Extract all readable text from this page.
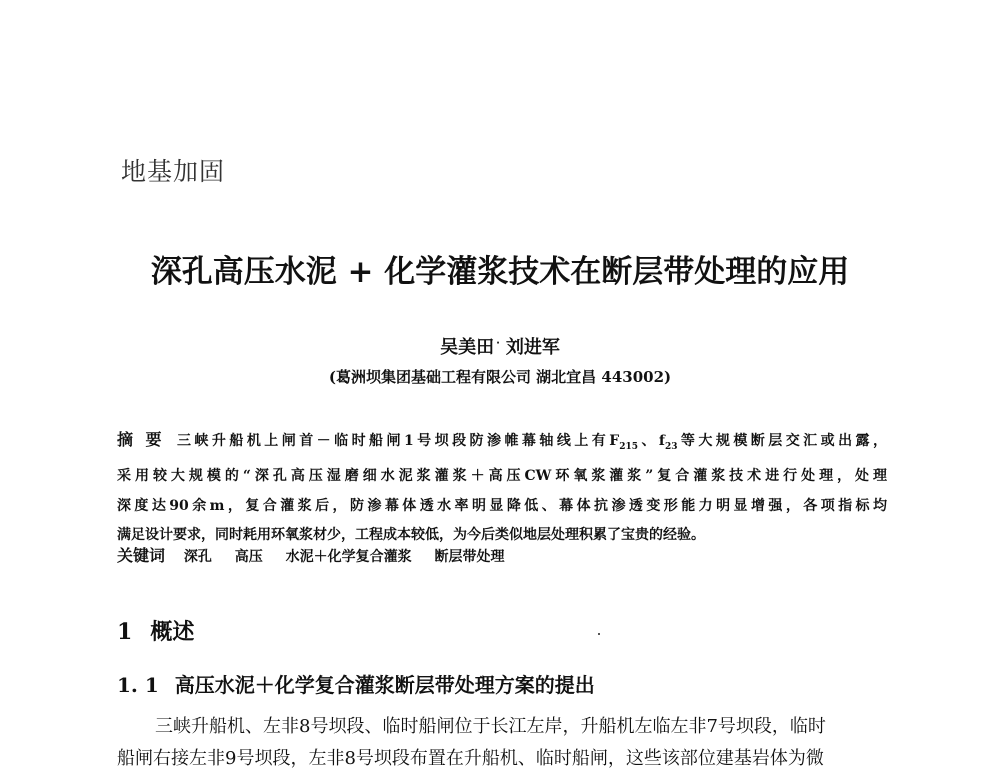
地基加固
深孔高压水泥 + 化学灌浆技术在断层带处理的应用
吴美田 · 刘进军
(葛洲坝集团基础工程有限公司 湖北宜昌 443002)
摘 要 三峡升船机上闸首－临时船闸1号坝段防渗帷幕轴线上有$F_{215}$、$f_{23}$等大规模断层交汇或出露，
采用较大规模的“深孔高压湿磨细水泥浆灌浆＋高压CW环氧浆灌浆”复合灌浆技术进行处理，处理
深度达90余m，复合灌浆后，防渗幕体透水率明显降低、幕体抗渗透变形能力明显增强，各项指标均
满足设计要求，同时耗用环氧浆材少，工程成本较低，为今后类似地层处理积累了宝贵的经验。
关键词 深孔 高压 水泥＋化学复合灌浆 断层带处理
1 概述
1. 1 高压水泥＋化学复合灌浆断层带处理方案的提出
三峡升船机、左非8号坝段、临时船闸位于长江左岸，升船机左临左非7号坝段，临时
船闸右接左非9号坝段，左非8号坝段布置在升船机、临时船闸，这些该部位建基岩体为微
